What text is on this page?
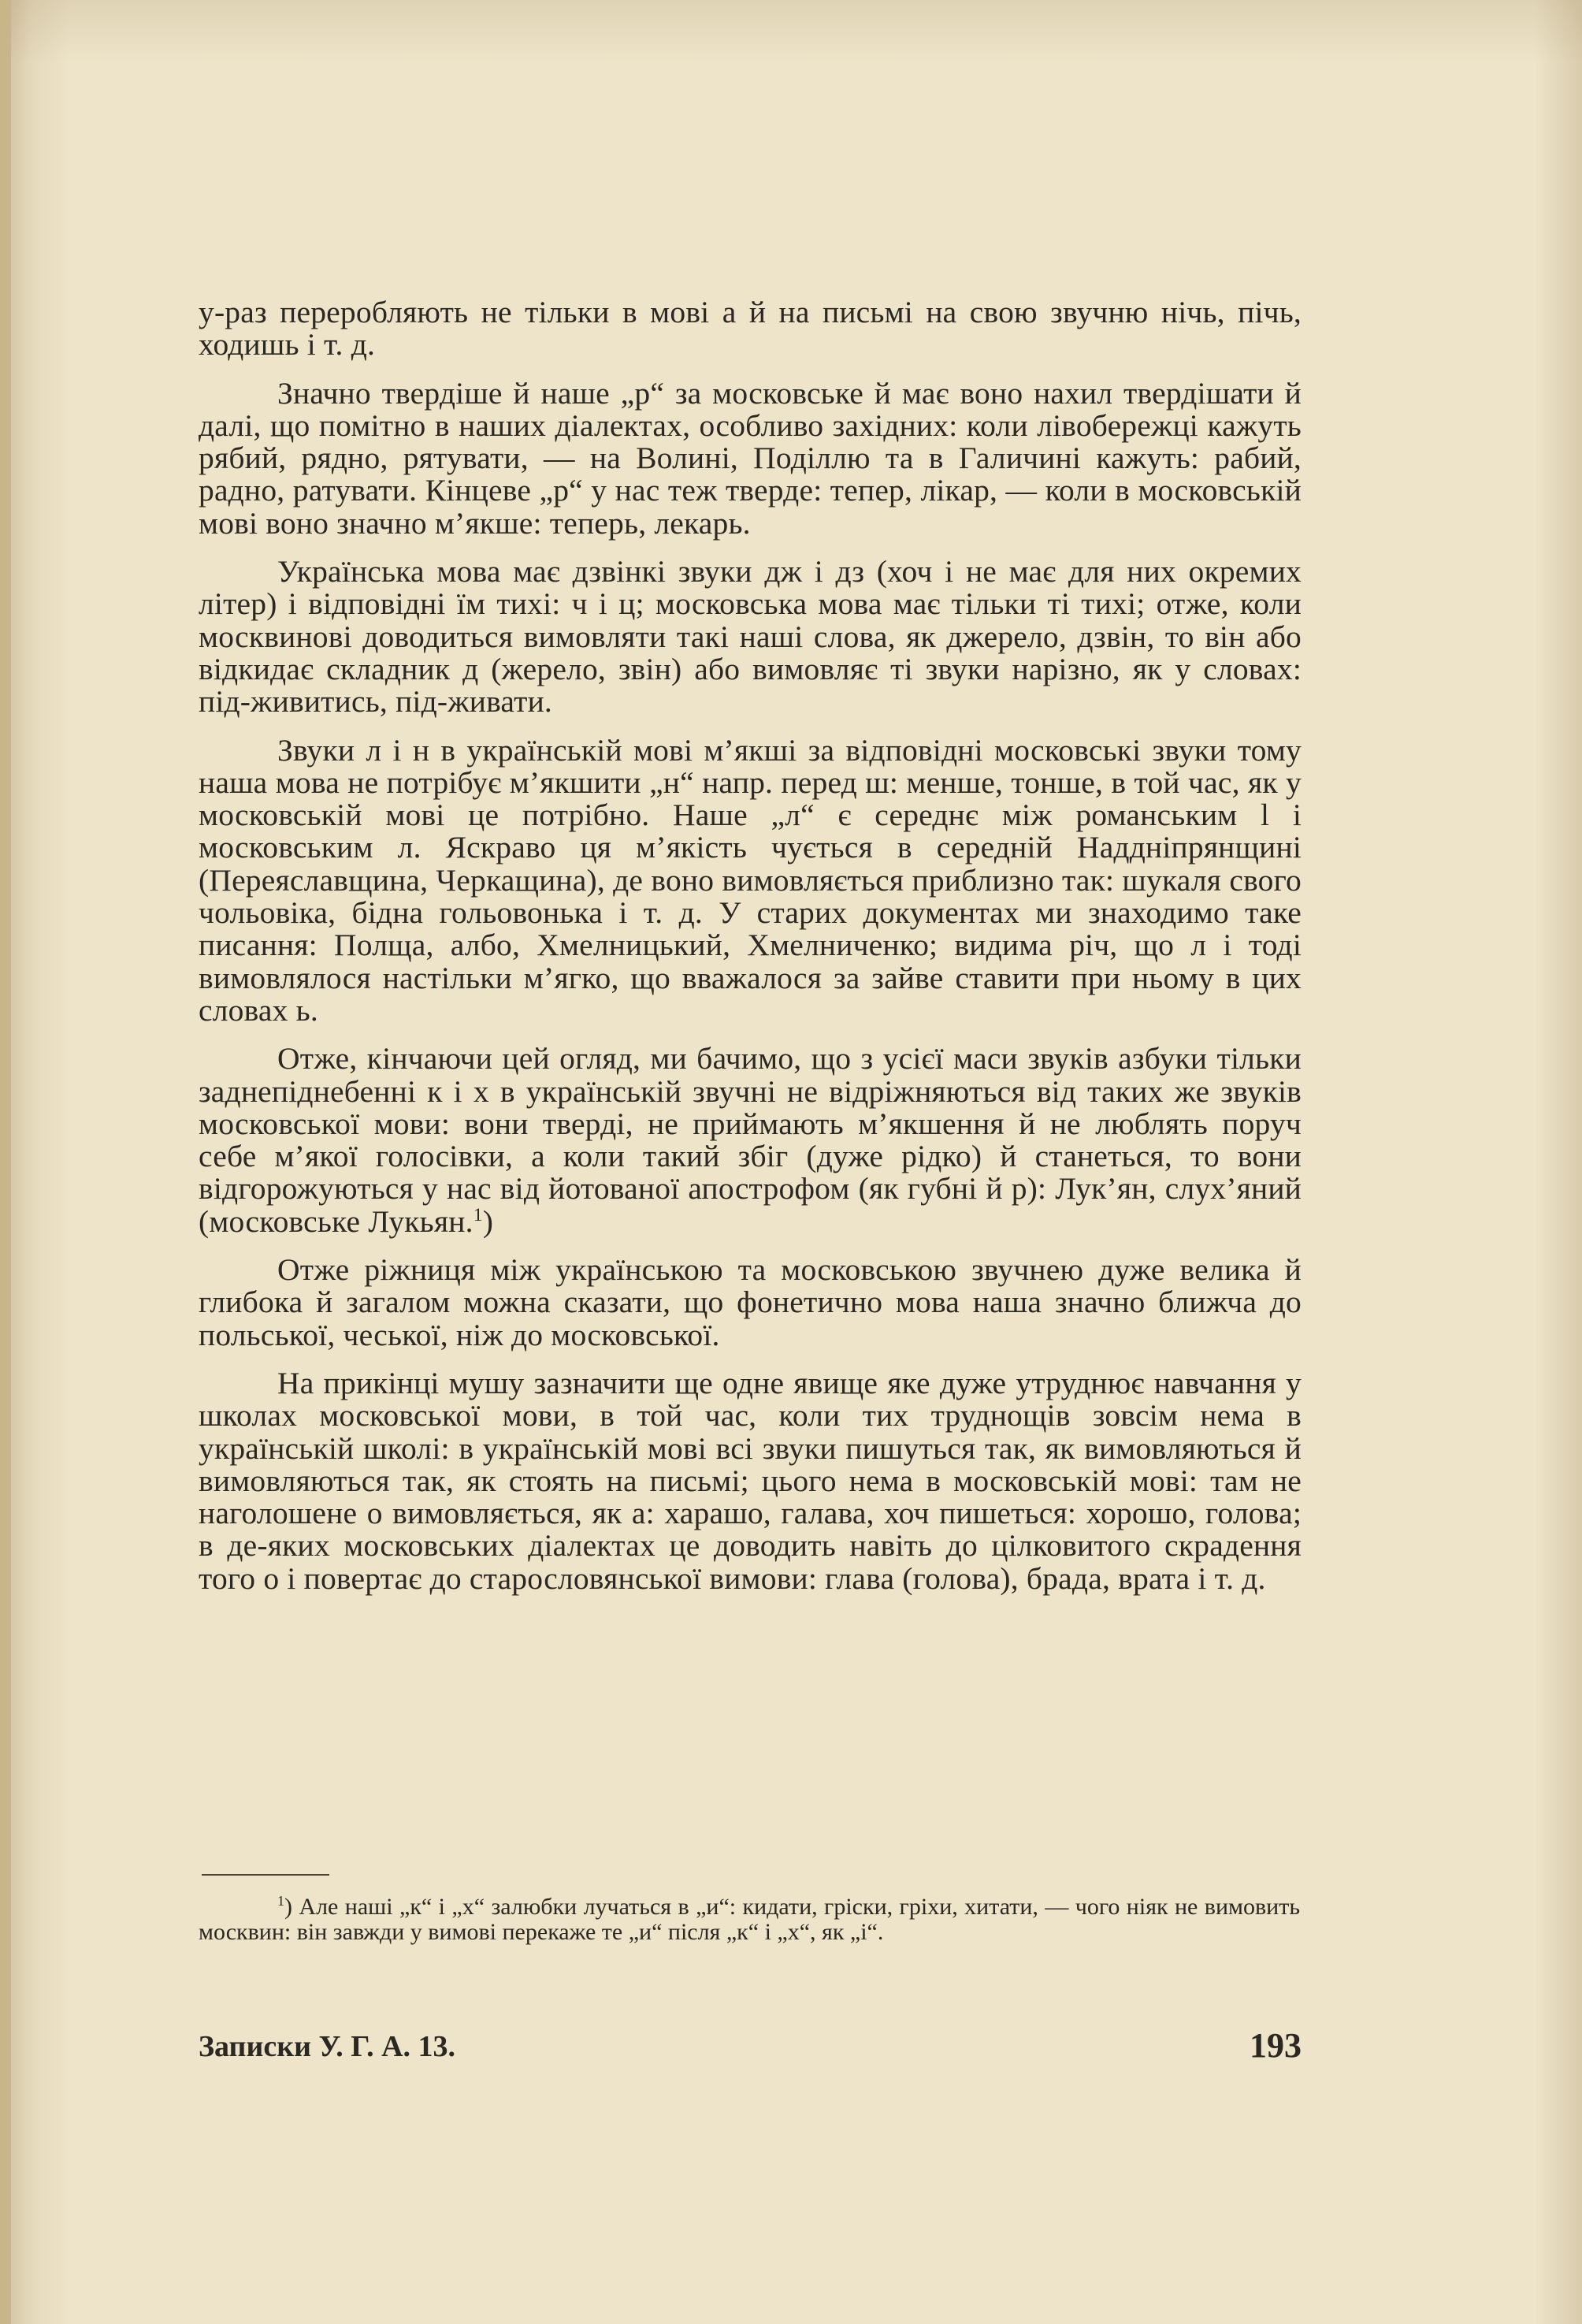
у-раз переробляють не тільки в мові а й на письмі на свою звучню нічь, пічь, ходишь і т. д.

Значно твердіше й наше „р“ за московське й має воно нахил твердішати й далі, що помітно в наших діалектах, особливо західних: коли лівобережці кажуть рябий, рядно, рятувати, — на Волині, Поділлю та в Галичині кажуть: рабий, радно, ратувати. Кінцеве „р“ у нас теж тверде: тепер, лікар, — коли в московській мові воно значно м’якше: теперь, лекарь.

Українська мова має дзвінкі звуки дж і дз (хоч і не має для них окремих літер) і відповідні їм тихі: ч і ц; московська мова має тільки ті тихі; отже, коли москвинові доводиться вимовляти такі наші слова, як джерело, дзвін, то він або відкидає складник д (жерело, звін) або вимовляє ті звуки нарізно, як у словах: під-живитись, під-живати.

Звуки л і н в українській мові м’якші за відповідні московські звуки тому наша мова не потрібує м’якшити „н“ напр. перед ш: менше, тонше, в той час, як у московській мові це потрібно. Наше „л“ є середнє між романським l і московським л. Яскраво ця м’якість чується в середній Наддніпрянщині (Переяславщина, Черкащина), де воно вимовляється приблизно так: шукаля свого чольовіка, бідна гольовонька і т. д. У старих документах ми знаходимо таке писання: Полща, албо, Хмелницький, Хмелниченко; видима річ, що л і тоді вимовлялося настільки м’ягко, що вважалося за зайве ставити при ньому в цих словах ь.

Отже, кінчаючи цей огляд, ми бачимо, що з усієї маси звуків азбуки тільки заднепіднебенні к і х в українській звучні не відріжняються від таких же звуків московської мови: вони тверді, не приймають м’якшення й не люблять поруч себе м’якої голосівки, а коли такий збіг (дуже рідко) й станеться, то вони відгорожуються у нас від йотованої апострофом (як губні й р): Лук’ян, слух’яний (московське Лукьян.$^1$)

Отже ріжниця між українською та московською звучнею дуже велика й глибока й загалом можна сказати, що фонетично мова наша значно ближча до польської, чеської, ніж до московської.

На прикінці мушу зазначити ще одне явище яке дуже утруднює навчання у школах московської мови, в той час, коли тих труднощів зовсім нема в українській школі: в українській мові всі звуки пишуться так, як вимовляються й вимовляються так, як стоять на письмі; цього нема в московській мові: там не наголошене о вимовляється, як а: харашо, галава, хоч пишеться: хорошо, голова; в де-яких московських діалектах це доводить навіть до цілковитого скрадення того о і повертає до старословянської вимови: глава (голова), брада, врата і т. д.

$^1$) Але наші „к“ і „х“ залюбки лучаться в „и“: кидати, гріски, гріхи, хитати, — чого ніяк не вимовить москвин: він завжди у вимові перекаже те „и“ після „к“ і „х“, як „і“.
Записки У. Г. А. 13.	193
